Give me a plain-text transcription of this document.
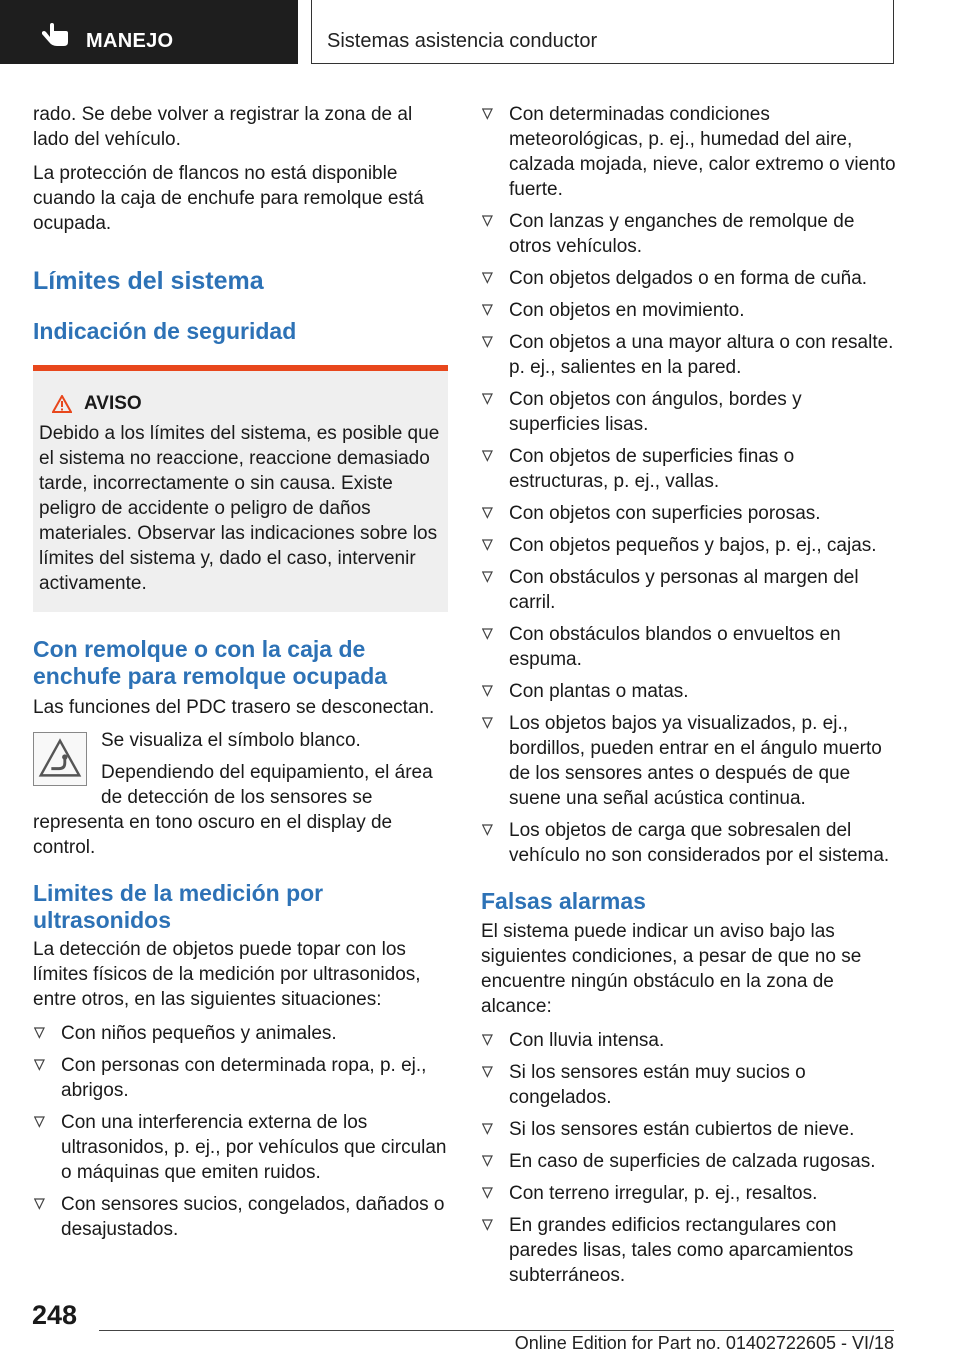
MANEJO	Sistemas asistencia conductor

rado. Se debe volver a registrar la zona de al lado del vehículo.

La protección de flancos no está disponible cuando la caja de enchufe para remolque está ocupada.

Límites del sistema
Indicación de seguridad
AVISO

Debido a los límites del sistema, es posible que el sistema no reaccione, reaccione demasiado tarde, incorrectamente o sin causa. Existe peligro de accidente o peligro de daños materiales. Observar las indicaciones sobre los límites del sistema y, dado el caso, intervenir activamente.

Con remolque o con la caja de enchufe para remolque ocupada

Las funciones del PDC trasero se desconectan.

Se visualiza el símbolo blanco.

Dependiendo del equipamiento, el área de detección de los sensores se representa en tono oscuro en el display de control.

Limites de la medición por ultrasonidos

La detección de objetos puede topar con los límites físicos de la medición por ultrasonidos, entre otros, en las siguientes situaciones:

Con niños pequeños y animales.
Con personas con determinada ropa, p. ej., abrigos.
Con una interferencia externa de los ultrasonidos, p. ej., por vehículos que circulan o máquinas que emiten ruidos.
Con sensores sucios, congelados, dañados o desajustados.
Con determinadas condiciones meteorológicas, p. ej., humedad del aire, calzada mojada, nieve, calor extremo o viento fuerte.
Con lanzas y enganches de remolque de otros vehículos.
Con objetos delgados o en forma de cuña.
Con objetos en movimiento.
Con objetos a una mayor altura o con resalte. p. ej., salientes en la pared.
Con objetos con ángulos, bordes y superficies lisas.
Con objetos de superficies finas o estructuras, p. ej., vallas.
Con objetos con superficies porosas.
Con objetos pequeños y bajos, p. ej., cajas.
Con obstáculos y personas al margen del carril.
Con obstáculos blandos o envueltos en espuma.
Con plantas o matas.
Los objetos bajos ya visualizados, p. ej., bordillos, pueden entrar en el ángulo muerto de los sensores antes o después de que suene una señal acústica continua.
Los objetos de carga que sobresalen del vehículo no son considerados por el sistema.
Falsas alarmas

El sistema puede indicar un aviso bajo las siguientes condiciones, a pesar de que no se encuentre ningún obstáculo en la zona de alcance:

Con lluvia intensa.
Si los sensores están muy sucios o congelados.
Si los sensores están cubiertos de nieve.
En caso de superficies de calzada rugosas.
Con terreno irregular, p. ej., resaltos.
En grandes edificios rectangulares con paredes lisas, tales como aparcamientos subterráneos.
248
Online Edition for Part no. 01402722605 - VI/18
